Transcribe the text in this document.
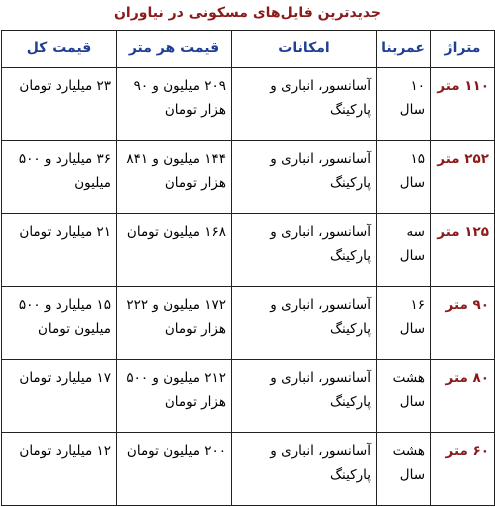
جدیدترین فایل‌های مسکونی در نیاوران
متراژ	عمربنا	امکانات	قیمت هر متر	قیمت کل
۱۱۰ متر	۱۰ سال	آسانسور، انباری و پارکینگ	۲۰۹ میلیون و ۹۰ هزار تومان	۲۳ میلیارد تومان
۲۵۲ متر	۱۵ سال	آسانسور، انباری و پارکینگ	۱۴۴ میلیون و ۸۴۱ هزار تومان	۳۶ میلیارد و ۵۰۰ میلیون
۱۲۵ متر	سه سال	آسانسور، انباری و پارکینگ	۱۶۸ میلیون تومان	۲۱ میلیارد تومان
۹۰ متر	۱۶ سال	آسانسور، انباری و پارکینگ	۱۷۲ میلیون و ۲۲۲ هزار تومان	۱۵ میلیارد و ۵۰۰ میلیون تومان
۸۰ متر	هشت سال	آسانسور، انباری و پارکینگ	۲۱۲ میلیون و ۵۰۰ هزار تومان	۱۷ میلیارد تومان
۶۰ متر	هشت سال	آسانسور، انباری و پارکینگ	۲۰۰ میلیون تومان	۱۲ میلیارد تومان
